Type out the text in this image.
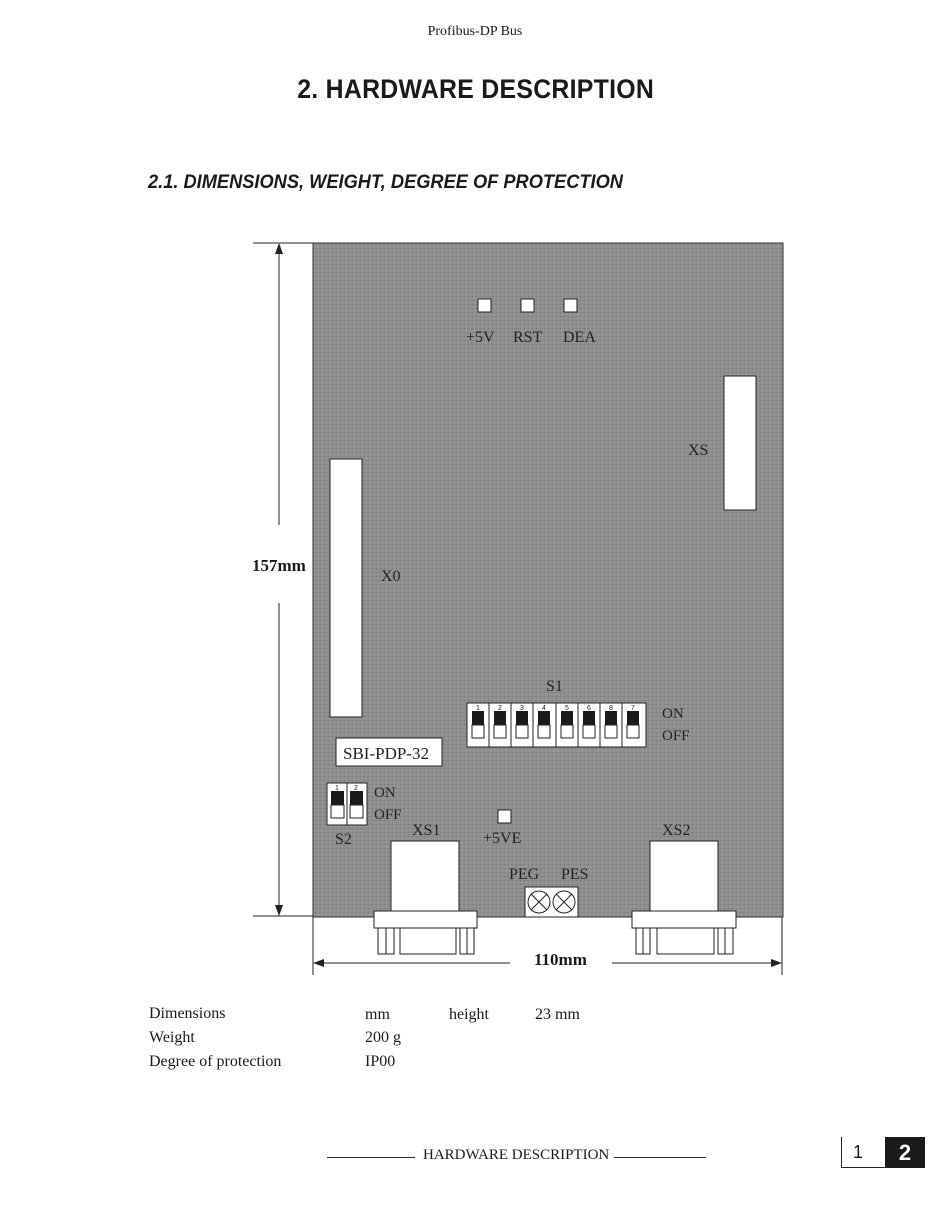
Profibus-DP Bus
2. HARDWARE DESCRIPTION
2.1. DIMENSIONS, WEIGHT, DEGREE OF PROTECTION
157mm
110mm
+5V RST DEA
XS
X0
S1
1	2	3	4	5	6	8	7 ON
OFF
SBI-PDP-32
1 2 ON
OFF
S2
XS1	XS2
+5VE
PEG PES
Dimensions	mm	height	23 mm
Weight	200 g
Degree of protection	IP00
HARDWARE DESCRIPTION	1	2
